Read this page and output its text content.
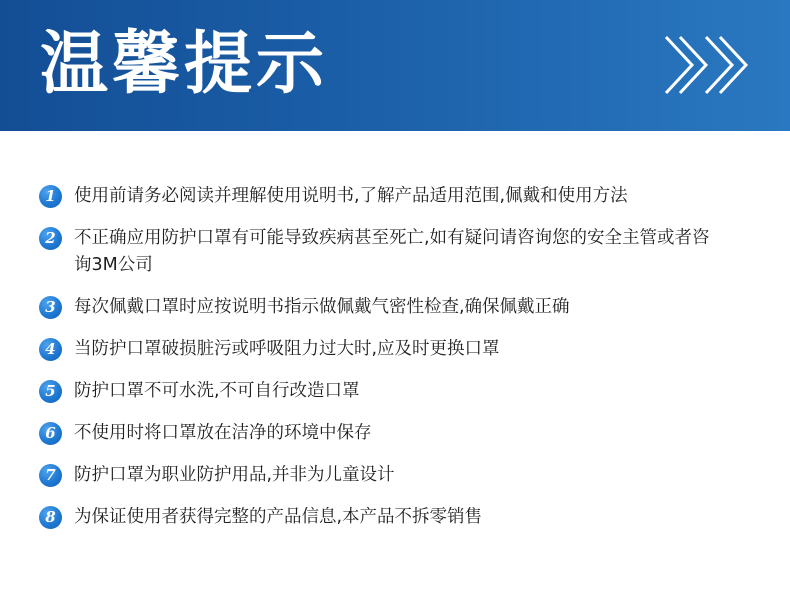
温馨提示
1	使用前请务必阅读并理解使用说明书,了解产品适用范围,佩戴和使用方法
2	不正确应用防护口罩有可能导致疾病甚至死亡,如有疑问请咨询您的安全主管或者咨询3M公司
3	每次佩戴口罩时应按说明书指示做佩戴气密性检查,确保佩戴正确
4	当防护口罩破损脏污或呼吸阻力过大时,应及时更换口罩
5	防护口罩不可水洗,不可自行改造口罩
6	不使用时将口罩放在洁净的环境中保存
7	防护口罩为职业防护用品,并非为儿童设计
8	为保证使用者获得完整的产品信息,本产品不拆零销售
